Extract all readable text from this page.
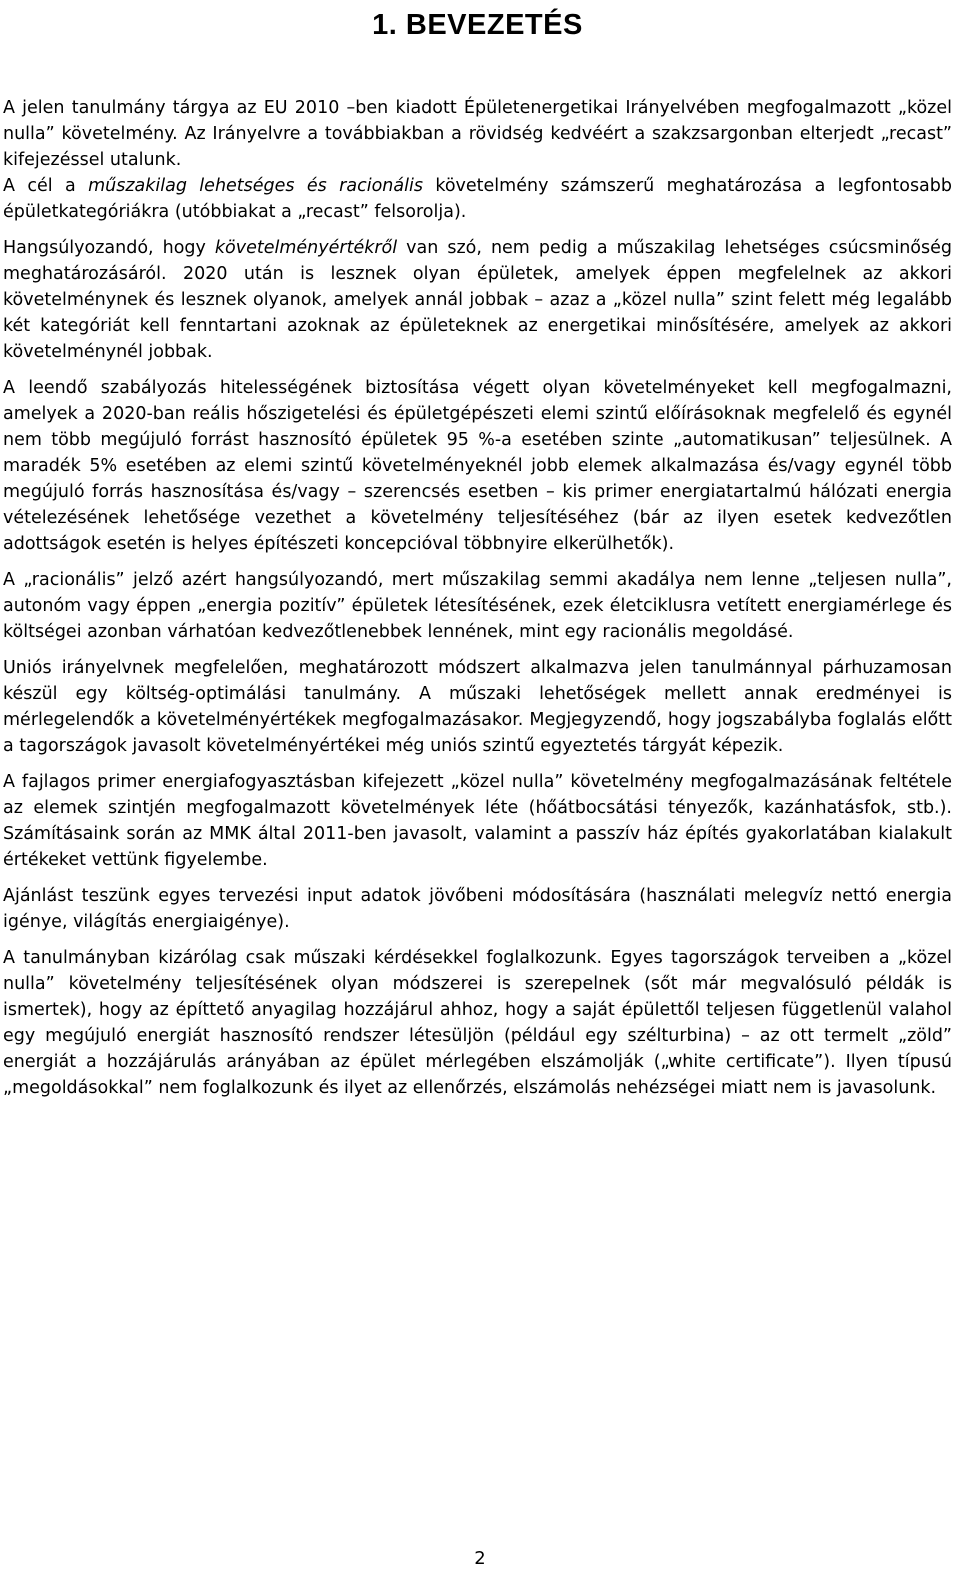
1. BEVEZETÉS

A jelen tanulmány tárgya az EU 2010 –ben kiadott Épületenergetikai Irányelvében megfogalmazott „közel nulla” követelmény. Az Irányelvre a továbbiakban a rövidség kedvéért a szakzsargonban elterjedt „recast” kifejezéssel utalunk.

A cél a műszakilag lehetséges és racionális követelmény számszerű meghatározása a legfontosabb épületkategóriákra (utóbbiakat a „recast” felsorolja).

Hangsúlyozandó, hogy követelményértékről van szó, nem pedig a műszakilag lehetséges csúcsminőség meghatározásáról. 2020 után is lesznek olyan épületek, amelyek éppen megfelelnek az akkori követelménynek és lesznek olyanok, amelyek annál jobbak – azaz a „közel nulla” szint felett még legalább két kategóriát kell fenntartani azoknak az épületeknek az energetikai minősítésére, amelyek az akkori követelménynél jobbak.

A leendő szabályozás hitelességének biztosítása végett olyan követelményeket kell megfogalmazni, amelyek a 2020-ban reális hőszigetelési és épületgépészeti elemi szintű előírásoknak megfelelő és egynél nem több megújuló forrást hasznosító épületek 95 %-a esetében szinte „automatikusan” teljesülnek. A maradék 5% esetében az elemi szintű követelményeknél jobb elemek alkalmazása és/vagy egynél több megújuló forrás hasznosítása és/vagy – szerencsés esetben – kis primer energiatartalmú hálózati energia vételezésének lehetősége vezethet a követelmény teljesítéséhez (bár az ilyen esetek kedvezőtlen adottságok esetén is helyes építészeti koncepcióval többnyire elkerülhetők).

A „racionális” jelző azért hangsúlyozandó, mert műszakilag semmi akadálya nem lenne „teljesen nulla”, autonóm vagy éppen „energia pozitív” épületek létesítésének, ezek életciklusra vetített energiamérlege és költségei azonban várhatóan kedvezőtlenebbek lennének, mint egy racionális megoldásé.

Uniós irányelvnek megfelelően, meghatározott módszert alkalmazva jelen tanulmánnyal párhuzamosan készül egy költség-optimálási tanulmány. A műszaki lehetőségek mellett annak eredményei is mérlegelendők a követelményértékek megfogalmazásakor. Megjegyzendő, hogy jogszabályba foglalás előtt a tagországok javasolt követelményértékei még uniós szintű egyeztetés tárgyát képezik.

A fajlagos primer energiafogyasztásban kifejezett „közel nulla” követelmény megfogalmazásának feltétele az elemek szintjén megfogalmazott követelmények léte (hőátbocsátási tényezők, kazánhatásfok, stb.). Számításaink során az MMK által 2011-ben javasolt, valamint a passzív ház építés gyakorlatában kialakult értékeket vettünk figyelembe.

Ajánlást teszünk egyes tervezési input adatok jövőbeni módosítására (használati melegvíz nettó energia igénye, világítás energiaigénye).

A tanulmányban kizárólag csak műszaki kérdésekkel foglalkozunk. Egyes tagországok terveiben a „közel nulla” követelmény teljesítésének olyan módszerei is szerepelnek (sőt már megvalósuló példák is ismertek), hogy az építtető anyagilag hozzájárul ahhoz, hogy a saját épülettől teljesen függetlenül valahol egy megújuló energiát hasznosító rendszer létesüljön (például egy szélturbina) – az ott termelt „zöld” energiát a hozzájárulás arányában az épület mérlegében elszámolják („white certificate”). Ilyen típusú „megoldásokkal” nem foglalkozunk és ilyet az ellenőrzés, elszámolás nehézségei miatt nem is javasolunk.

2
